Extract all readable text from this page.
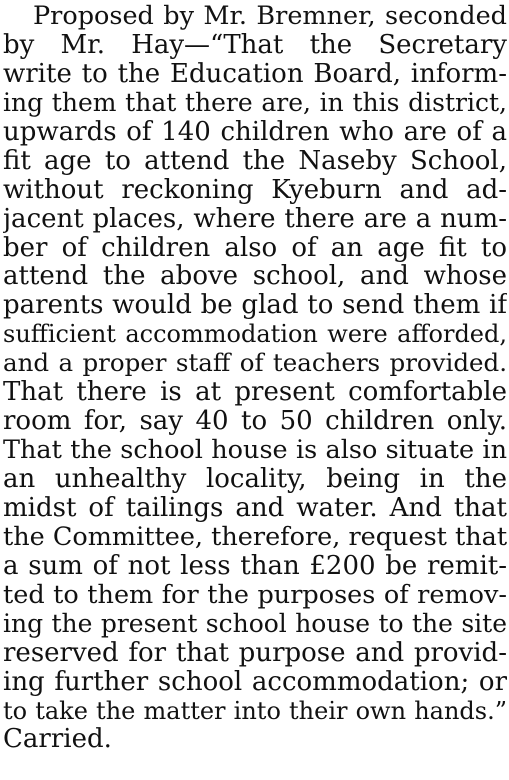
Proposed by Mr. Bremner, seconded
by Mr. Hay—“That the Secretary
write to the Education Board, inform-
ing them that there are, in this district,
upwards of 140 children who are of a
fit age to attend the Naseby School,
without reckoning Kyeburn and ad-
jacent places, where there are a num-
ber of children also of an age fit to
attend the above school, and whose
parents would be glad to send them if
sufficient accommodation were afforded,
and a proper staff of teachers provided.
That there is at present comfortable
room for, say 40 to 50 children only.
That the school house is also situate in
an unhealthy locality, being in the
midst of tailings and water. And that
the Committee, therefore, request that
a sum of not less than £200 be remit-
ted to them for the purposes of remov-
ing the present school house to the site
reserved for that purpose and provid-
ing further school accommodation; or
to take the matter into their own hands.”
Carried.
